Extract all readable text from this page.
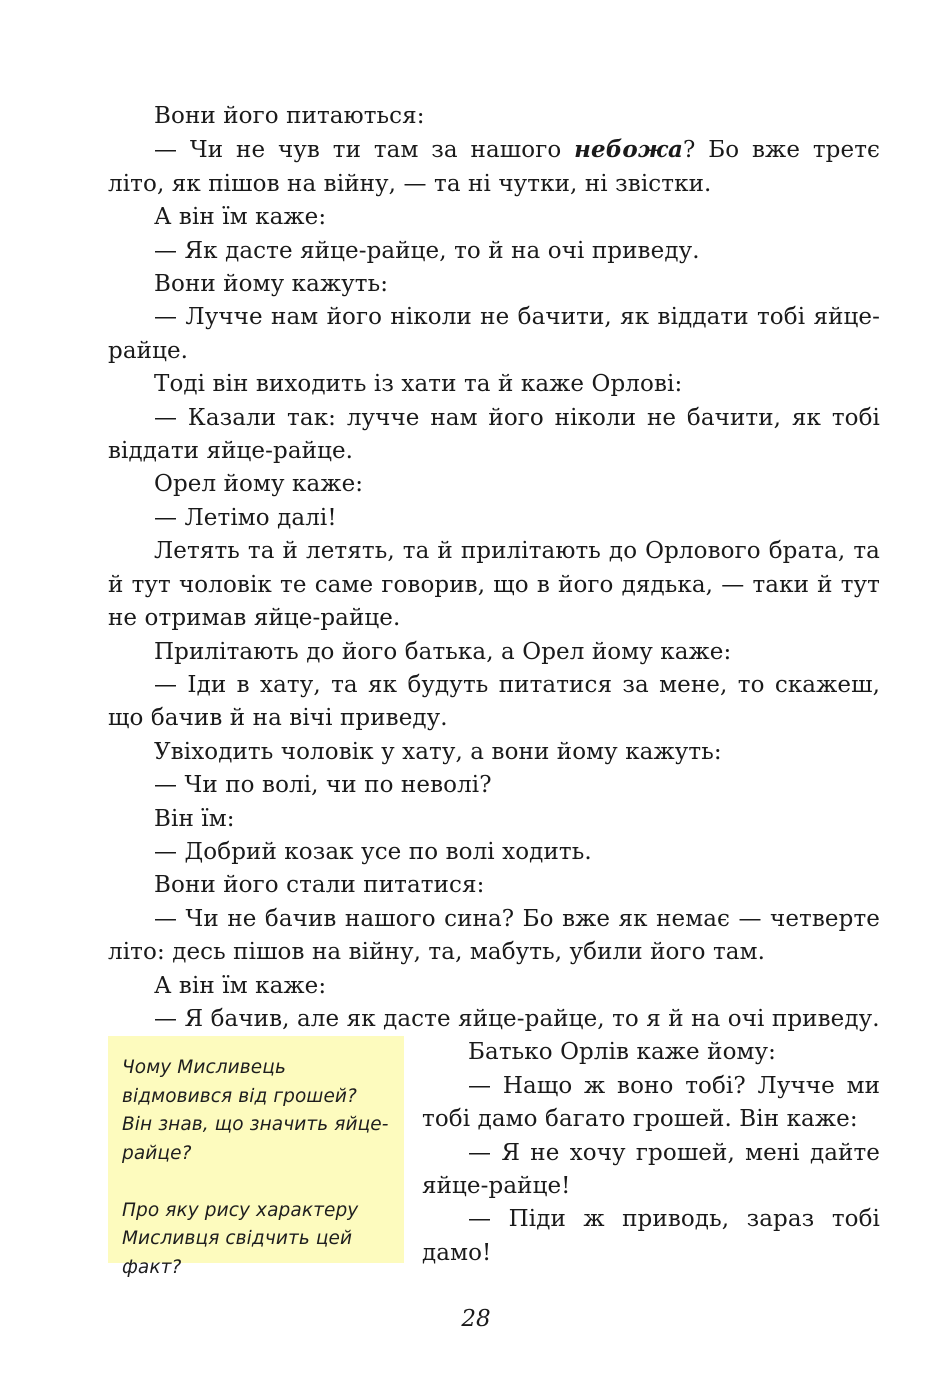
Вони його питаються:

— Чи не чув ти там за нашого небожа? Бо вже третє літо, як пішов на війну, — та ні чутки, ні звістки.

А він їм каже:

— Як дасте яйце-райце, то й на очі приведу.

Вони йому кажуть:

— Лучче нам його ніколи не бачити, як віддати тобі яйце-райце.

Тоді він виходить із хати та й каже Орлові:

— Казали так: лучче нам його ніколи не бачити, як тобі віддати яйце-райце.

Орел йому каже:

— Летімо далі!

Летять та й летять, та й прилітають до Орлового брата, та й тут чоловік те саме говорив, що в його дядька, — таки й тут не отримав яйце-райце.

Прилітають до його батька, а Орел йому каже:

— Іди в хату, та як будуть питатися за мене, то скажеш, що бачив й на вічі приведу.

Увіходить чоловік у хату, а вони йому кажуть:

— Чи по волі, чи по неволі?

Він їм:

— Добрий козак усе по волі ходить.

Вони його стали питатися:

— Чи не бачив нашого сина? Бо вже як немає — четверте літо: десь пішов на війну, та, мабуть, убили його там.

А він їм каже:

— Я бачив, але як дасте яйце-райце, то я й на очі приведу.

Чому Мисливець відмовився від грошей? Він знав, що значить яйце-райце?

Про яку рису характеру Мисливця свідчить цей факт?

Батько Орлів каже йому:

— Нащо ж воно тобі? Лучче ми тобі дамо багато грошей. Він каже:

— Я не хочу грошей, мені дайте яйце-райце!

— Піди ж приводь, зараз тобі дамо!

28
